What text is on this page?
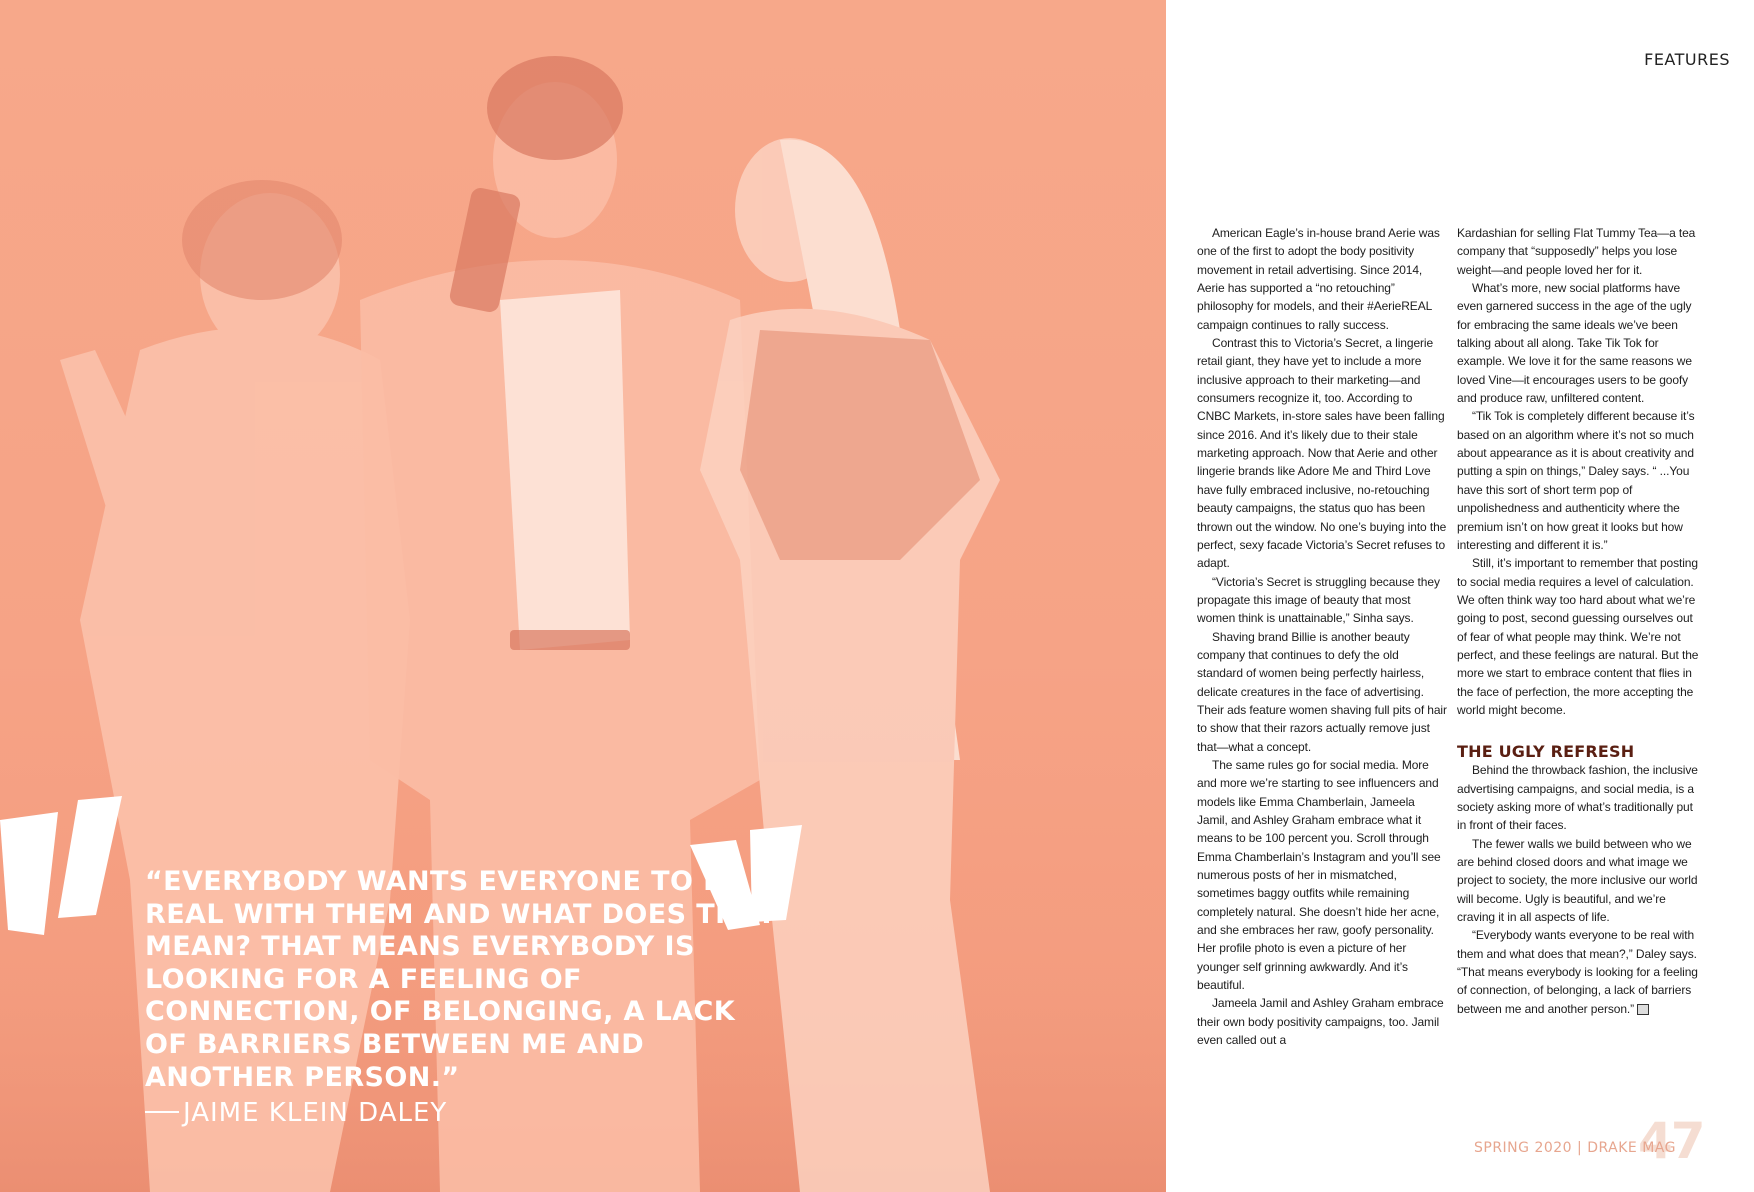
“EVERYBODY WANTS EVERYONE TO BE REAL WITH THEM AND WHAT DOES THAT MEAN? THAT MEANS EVERYBODY IS LOOKING FOR A FEELING OF CONNECTION, OF BELONGING, A LACK OF BARRIERS BETWEEN ME AND ANOTHER PERSON.”

JAIME KLEIN DALEY

FEATURES

American Eagle’s in-house brand Aerie was one of the first to adopt the body positivity movement in retail advertising. Since 2014, Aerie has supported a “no retouching” philosophy for models, and their #AerieREAL campaign continues to rally success.

Contrast this to Victoria’s Secret, a lingerie retail giant, they have yet to include a more inclusive approach to their marketing—and consumers recognize it, too. According to CNBC Markets, in-store sales have been falling since 2016. And it’s likely due to their stale marketing approach. Now that Aerie and other lingerie brands like Adore Me and Third Love have fully embraced inclusive, no-retouching beauty campaigns, the status quo has been thrown out the window. No one’s buying into the perfect, sexy facade Victoria’s Secret refuses to adapt.

“Victoria’s Secret is struggling because they propagate this image of beauty that most women think is unattainable,” Sinha says.

Shaving brand Billie is another beauty company that continues to defy the old standard of women being perfectly hairless, delicate creatures in the face of advertising. Their ads feature women shaving full pits of hair to show that their razors actually remove just that—what a concept.

The same rules go for social media. More and more we’re starting to see influencers and models like Emma Chamberlain, Jameela Jamil, and Ashley Graham embrace what it means to be 100 percent you. Scroll through Emma Chamberlain’s Instagram and you’ll see numerous posts of her in mismatched, sometimes baggy outfits while remaining completely natural. She doesn’t hide her acne, and she embraces her raw, goofy personality. Her profile photo is even a picture of her younger self grinning awkwardly. And it’s beautiful.

Jameela Jamil and Ashley Graham embrace their own body positivity campaigns, too. Jamil even called out a

Kardashian for selling Flat Tummy Tea—a tea company that “supposedly” helps you lose weight—and people loved her for it.

What’s more, new social platforms have even garnered success in the age of the ugly for embracing the same ideals we’ve been talking about all along. Take Tik Tok for example. We love it for the same reasons we loved Vine—it encourages users to be goofy and produce raw, unfiltered content.

“Tik Tok is completely different because it’s based on an algorithm where it’s not so much about appearance as it is about creativity and putting a spin on things,” Daley says. “ ...You have this sort of short term pop of unpolishedness and authenticity where the premium isn’t on how great it looks but how interesting and different it is.”

Still, it’s important to remember that posting to social media requires a level of calculation. We often think way too hard about what we’re going to post, second guessing ourselves out of fear of what people may think. We’re not perfect, and these feelings are natural. But the more we start to embrace content that flies in the face of perfection, the more accepting the world might become.

THE UGLY REFRESH

Behind the throwback fashion, the inclusive advertising campaigns, and social media, is a society asking more of what’s traditionally put in front of their faces.

The fewer walls we build between who we are behind closed doors and what image we project to society, the more inclusive our world will become. Ugly is beautiful, and we’re craving it in all aspects of life.

“Everybody wants everyone to be real with them and what does that mean?,” Daley says. “That means everybody is looking for a feeling of connection, of belonging, a lack of barriers between me and another person.”

47

SPRING 2020 | DRAKE MAG
